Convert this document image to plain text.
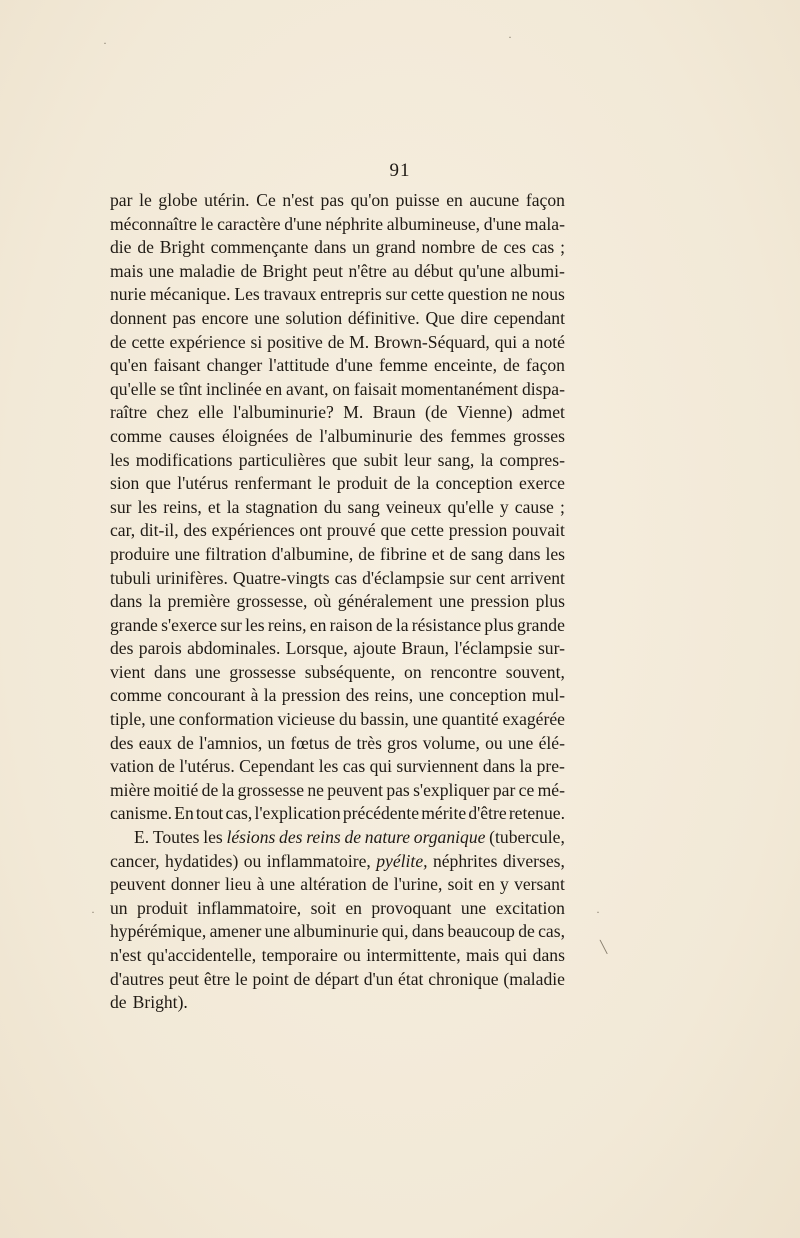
91
par le globe utérin. Ce n'est pas qu'on puisse en aucune façon
méconnaître le caractère d'une néphrite albumineuse, d'une mala-
die de Bright commençante dans un grand nombre de ces cas ;
mais une maladie de Bright peut n'être au début qu'une albumi-
nurie mécanique. Les travaux entrepris sur cette question ne nous
donnent pas encore une solution définitive. Que dire cependant
de cette expérience si positive de M. Brown-Séquard, qui a noté
qu'en faisant changer l'attitude d'une femme enceinte, de façon
qu'elle se tînt inclinée en avant, on faisait momentanément dispa-
raître chez elle l'albuminurie? M. Braun (de Vienne) admet
comme causes éloignées de l'albuminurie des femmes grosses
les modifications particulières que subit leur sang, la compres-
sion que l'utérus renfermant le produit de la conception exerce
sur les reins, et la stagnation du sang veineux qu'elle y cause ;
car, dit-il, des expériences ont prouvé que cette pression pouvait
produire une filtration d'albumine, de fibrine et de sang dans les
tubuli urinifères. Quatre-vingts cas d'éclampsie sur cent arrivent
dans la première grossesse, où généralement une pression plus
grande s'exerce sur les reins, en raison de la résistance plus grande
des parois abdominales. Lorsque, ajoute Braun, l'éclampsie sur-
vient dans une grossesse subséquente, on rencontre souvent,
comme concourant à la pression des reins, une conception mul-
tiple, une conformation vicieuse du bassin, une quantité exagérée
des eaux de l'amnios, un fœtus de très gros volume, ou une élé-
vation de l'utérus. Cependant les cas qui surviennent dans la pre-
mière moitié de la grossesse ne peuvent pas s'expliquer par ce mé-
canisme. En tout cas, l'explication précédente mérite d'être retenue.
E. Toutes les lésions des reins de nature organique (tubercule,
cancer, hydatides) ou inflammatoire, pyélite, néphrites diverses,
peuvent donner lieu à une altération de l'urine, soit en y versant
un produit inflammatoire, soit en provoquant une excitation
hypérémique, amener une albuminurie qui, dans beaucoup de cas,
n'est qu'accidentelle, temporaire ou intermittente, mais qui dans
d'autres peut être le point de départ d'un état chronique (maladie
de Bright).
·	·
·	·
╲
